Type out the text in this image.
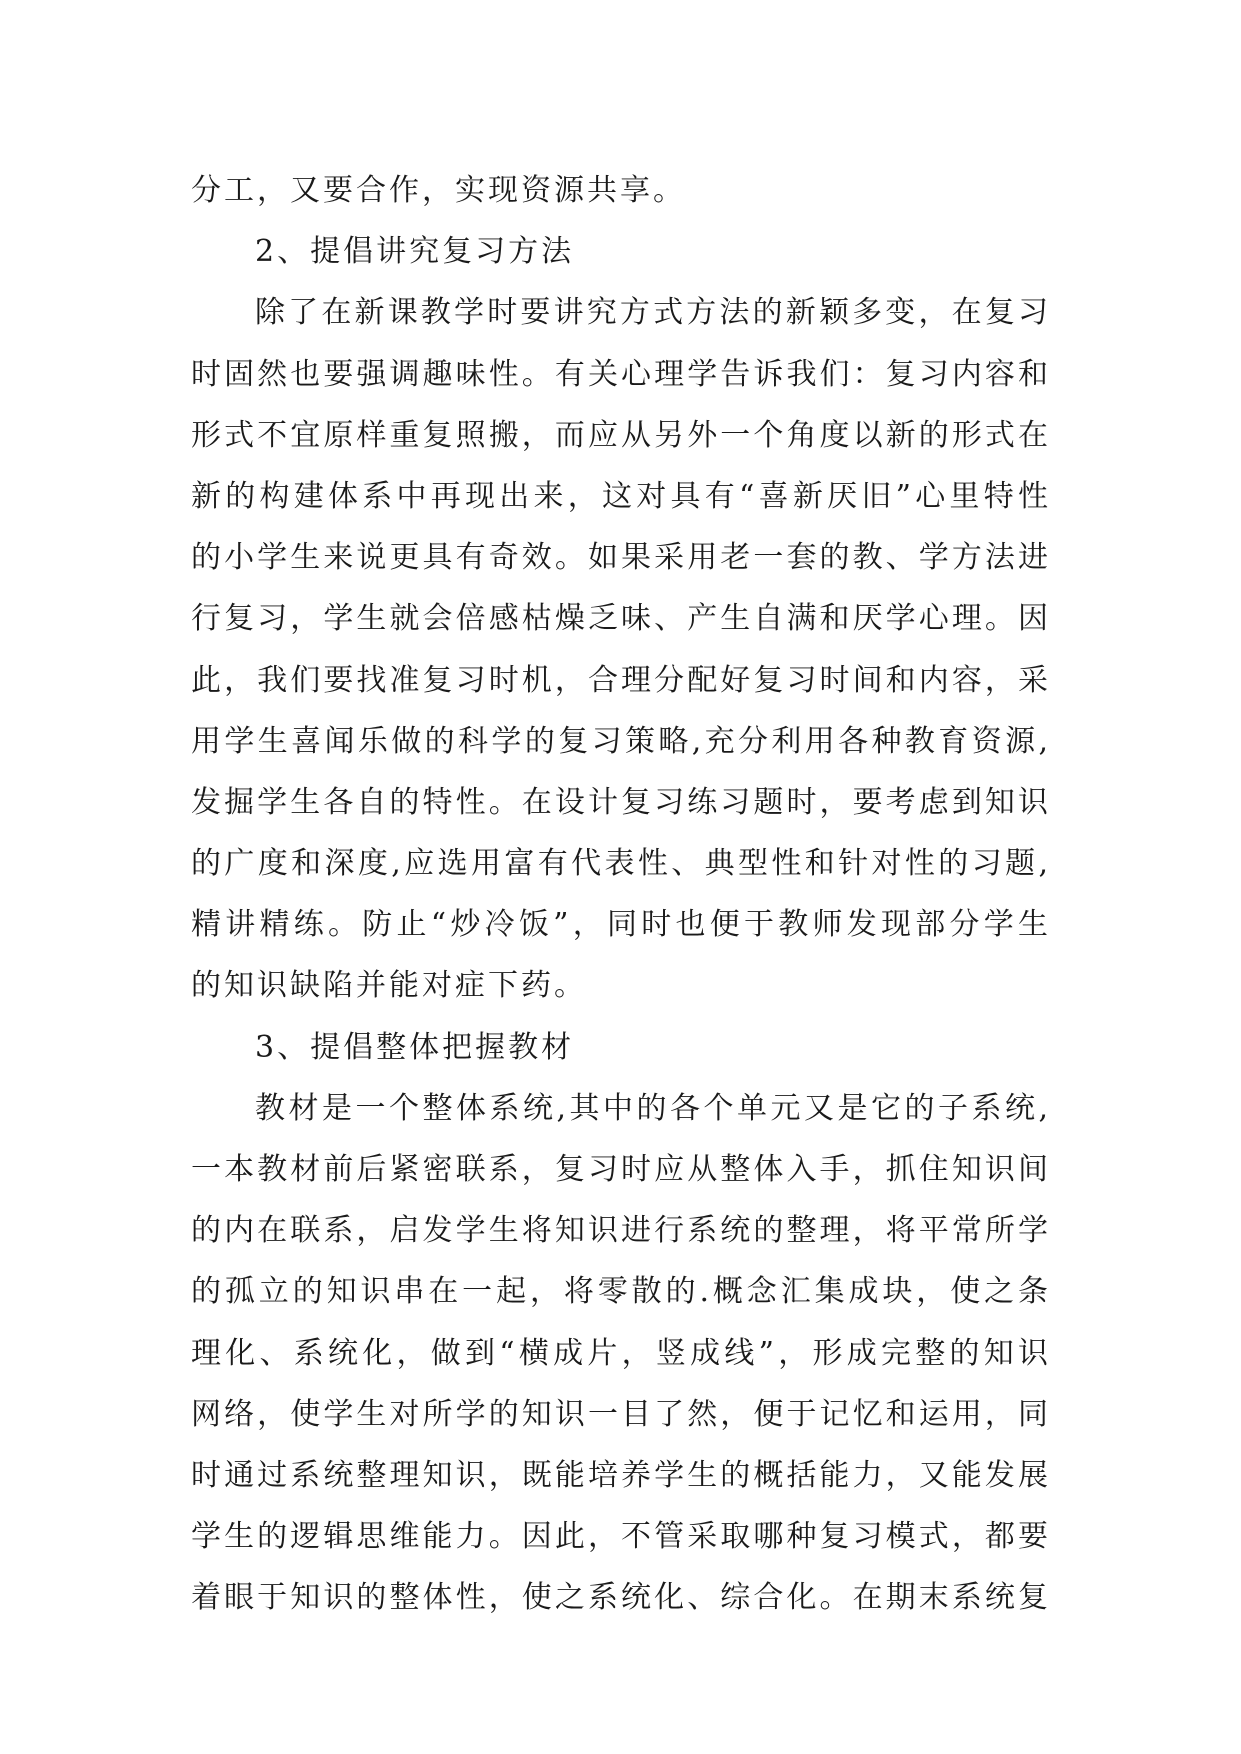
分工，又要合作，实现资源共享。
2、提倡讲究复习方法
除了在新课教学时要讲究方式方法的新颖多变，在复习
时固然也要强调趣味性。有关心理学告诉我们：复习内容和
形式不宜原样重复照搬，而应从另外一个角度以新的形式在
新的构建体系中再现出来，这对具有“喜新厌旧”心里特性
的小学生来说更具有奇效。如果采用老一套的教、学方法进
行复习，学生就会倍感枯燥乏味、产生自满和厌学心理。因
此，我们要找准复习时机，合理分配好复习时间和内容，采
用学生喜闻乐做的科学的复习策略,充分利用各种教育资源,
发掘学生各自的特性。在设计复习练习题时，要考虑到知识
的广度和深度,应选用富有代表性、典型性和针对性的习题,
精讲精练。防止“炒冷饭”，同时也便于教师发现部分学生
的知识缺陷并能对症下药。
3、提倡整体把握教材
教材是一个整体系统,其中的各个单元又是它的子系统,
一本教材前后紧密联系，复习时应从整体入手，抓住知识间
的内在联系，启发学生将知识进行系统的整理，将平常所学
的孤立的知识串在一起，将零散的.概念汇集成块，使之条
理化、系统化，做到“横成片，竖成线”，形成完整的知识
网络，使学生对所学的知识一目了然，便于记忆和运用，同
时通过系统整理知识，既能培养学生的概括能力，又能发展
学生的逻辑思维能力。因此，不管采取哪种复习模式，都要
着眼于知识的整体性，使之系统化、综合化。在期末系统复
